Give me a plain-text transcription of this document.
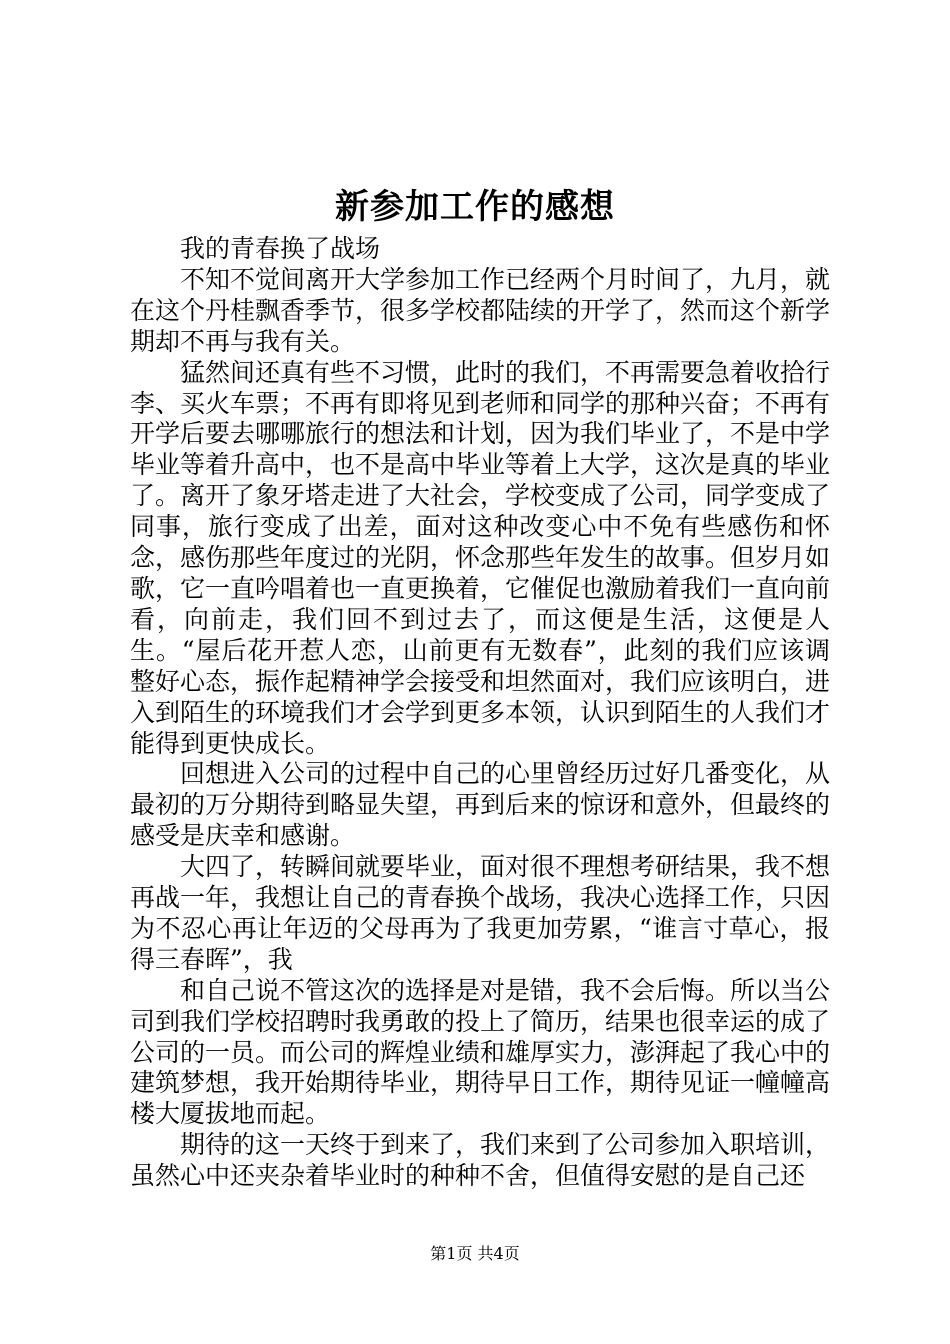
新参加工作的感想

我的青春换了战场

不知不觉间离开大学参加工作已经两个月时间了，九月，就在这个丹桂飘香季节，很多学校都陆续的开学了，然而这个新学期却不再与我有关。

猛然间还真有些不习惯，此时的我们，不再需要急着收拾行李、买火车票；不再有即将见到老师和同学的那种兴奋；不再有开学后要去哪哪旅行的想法和计划，因为我们毕业了，不是中学毕业等着升高中，也不是高中毕业等着上大学，这次是真的毕业了。离开了象牙塔走进了大社会，学校变成了公司，同学变成了同事，旅行变成了出差，面对这种改变心中不免有些感伤和怀念，感伤那些年度过的光阴，怀念那些年发生的故事。但岁月如歌，它一直吟唱着也一直更换着，它催促也激励着我们一直向前看，向前走，我们回不到过去了，而这便是生活，这便是人生。“屋后花开惹人恋，山前更有无数春”，此刻的我们应该调整好心态，振作起精神学会接受和坦然面对，我们应该明白，进入到陌生的环境我们才会学到更多本领，认识到陌生的人我们才能得到更快成长。

回想进入公司的过程中自己的心里曾经历过好几番变化，从最初的万分期待到略显失望，再到后来的惊讶和意外，但最终的感受是庆幸和感谢。

大四了，转瞬间就要毕业，面对很不理想考研结果，我不想再战一年，我想让自己的青春换个战场，我决心选择工作，只因为不忍心再让年迈的父母再为了我更加劳累，“谁言寸草心，报得三春晖”，我

和自己说不管这次的选择是对是错，我不会后悔。所以当公司到我们学校招聘时我勇敢的投上了简历，结果也很幸运的成了公司的一员。而公司的辉煌业绩和雄厚实力，澎湃起了我心中的建筑梦想，我开始期待毕业，期待早日工作，期待见证一幢幢高楼大厦拔地而起。

期待的这一天终于到来了，我们来到了公司参加入职培训，虽然心中还夹杂着毕业时的种种不舍，但值得安慰的是自己还

第1页 共4页
